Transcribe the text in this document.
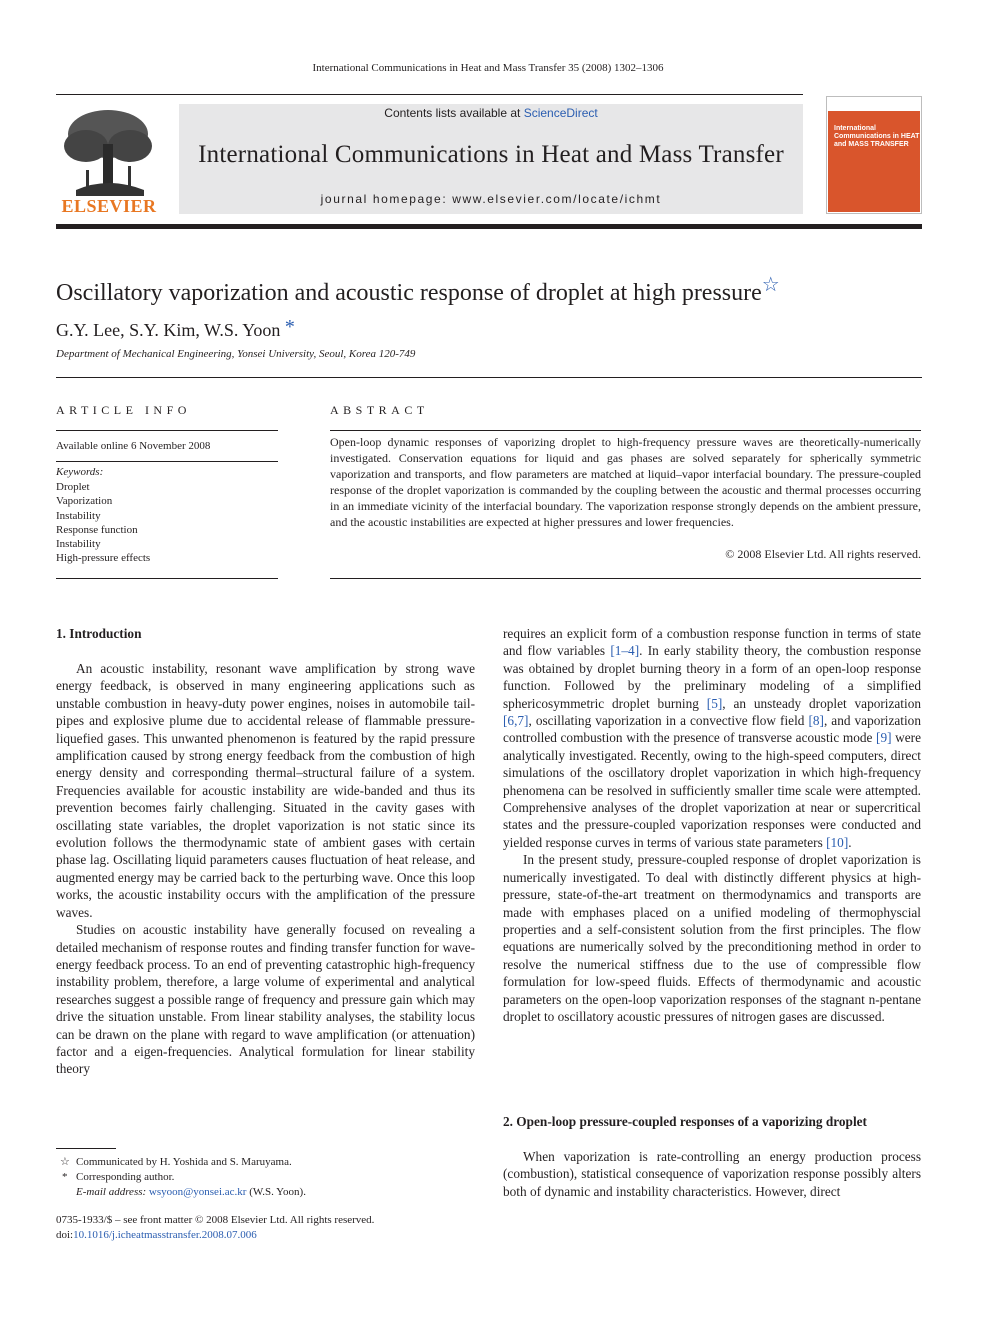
International Communications in Heat and Mass Transfer 35 (2008) 1302–1306
ELSEVIER
Contents lists available at ScienceDirect
International Communications in Heat and Mass Transfer
journal homepage: www.elsevier.com/locate/ichmt
International Communications in HEAT and MASS TRANSFER
Oscillatory vaporization and acoustic response of droplet at high pressure☆
G.Y. Lee, S.Y. Kim, W.S. Yoon *
Department of Mechanical Engineering, Yonsei University, Seoul, Korea 120-749
ARTICLE INFO
Available online 6 November 2008
Keywords:
Droplet
Vaporization
Instability
Response function
Instability
High-pressure effects
ABSTRACT
Open-loop dynamic responses of vaporizing droplet to high-frequency pressure waves are theoretically-numerically investigated. Conservation equations for liquid and gas phases are solved separately for spherically symmetric vaporization and transports, and flow parameters are matched at liquid–vapor interfacial boundary. The pressure-coupled response of the droplet vaporization is commanded by the coupling between the acoustic and thermal processes occurring in an immediate vicinity of the interfacial boundary. The vaporization response strongly depends on the ambient pressure, and the acoustic instabilities are expected at higher pressures and lower frequencies.
© 2008 Elsevier Ltd. All rights reserved.
1. Introduction

An acoustic instability, resonant wave amplification by strong wave energy feedback, is observed in many engineering applications such as unstable combustion in heavy-duty power engines, noises in automobile tail-pipes and explosive plume due to accidental release of flammable pressure-liquefied gases. This unwanted phenomenon is featured by the rapid pressure amplification caused by strong energy feedback from the combustion of high energy density and corresponding thermal–structural failure of a system. Frequencies available for acoustic instability are wide-banded and thus its prevention becomes fairly challenging. Situated in the cavity gases with oscillating state variables, the droplet vaporization is not static since its evolution follows the thermodynamic state of ambient gases with certain phase lag. Oscillating liquid parameters causes fluctuation of heat release, and augmented energy may be carried back to the perturbing wave. Once this loop works, the acoustic instability occurs with the amplification of the pressure waves.

Studies on acoustic instability have generally focused on revealing a detailed mechanism of response routes and finding transfer function for wave-energy feedback process. To an end of preventing catastrophic high-frequency instability problem, therefore, a large volume of experimental and analytical researches suggest a possible range of frequency and pressure gain which may drive the situation unstable. From linear stability analyses, the stability locus can be drawn on the plane with regard to wave amplification (or attenuation) factor and a eigen-frequencies. Analytical formulation for linear stability theory

requires an explicit form of a combustion response function in terms of state and flow variables [1–4]. In early stability theory, the combustion response was obtained by droplet burning theory in a form of an open-loop response function. Followed by the preliminary modeling of a simplified sphericosymmetric droplet burning [5], an unsteady droplet vaporization [6,7], oscillating vaporization in a convective flow field [8], and vaporization controlled combustion with the presence of transverse acoustic mode [9] were analytically investigated. Recently, owing to the high-speed computers, direct simulations of the oscillatory droplet vaporization in which high-frequency phenomena can be resolved in sufficiently smaller time scale were attempted. Comprehensive analyses of the droplet vaporization at near or supercritical states and the pressure-coupled vaporization responses were conducted and yielded response curves in terms of various state parameters [10].

In the present study, pressure-coupled response of droplet vaporization is numerically investigated. To deal with distinctly different physics at high-pressure, state-of-the-art treatment on thermodynamics and transports are made with emphases placed on a unified modeling of thermophyscial properties and a self-consistent solution from the first principles. The flow equations are numerically solved by the preconditioning method in order to resolve the numerical stiffness due to the use of compressible flow formulation for low-speed fluids. Effects of thermodynamic and acoustic parameters on the open-loop vaporization responses of the stagnant n-pentane droplet to oscillatory acoustic pressures of nitrogen gases are discussed.

2. Open-loop pressure-coupled responses of a vaporizing droplet

When vaporization is rate-controlling an energy production process (combustion), statistical consequence of vaporization response possibly alters both of dynamic and instability characteristics. However, direct

☆ Communicated by H. Yoshida and S. Maruyama.
* Corresponding author.
E-mail address: wsyoon@yonsei.ac.kr (W.S. Yoon).
0735-1933/$ – see front matter © 2008 Elsevier Ltd. All rights reserved.
doi:10.1016/j.icheatmasstransfer.2008.07.006
